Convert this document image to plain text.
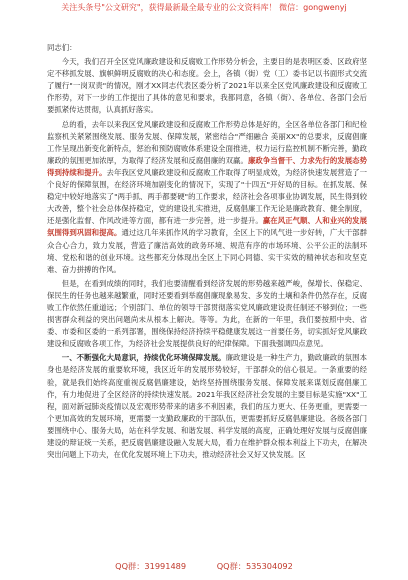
关注头条号"公文研究"，获得最新最全最专业的公文资料库！ 微信：gongwenyj

同志们：

今天，我们召开全区党风廉政建设和反腐败工作形势分析会，主要目的是表明区委、区政府坚定不移抓发展、旗帜鲜明反腐败的决心和态度。会上，各镇（街）党（工）委书记以书面形式交流了履行"一岗双责"的情况，刚才XX同志代表区委分析了2021年以来全区党风廉政建设和反腐败工作形势，对下一步的工作提出了具体的意见和要求，我都同意，各镇（街）、各单位、各部门会后要抓紧传达贯彻，认真抓好落实。

总的看，去年以来我区党风廉政建设和反腐败工作形势总体是好的，全区各单位各部门和纪检监察机关紧紧围绕发展、服务发展、保障发展，紧密结合"严细融合 美丽XX"的总要求，反腐倡廉工作呈现出新变化新特点，惩治和预防腐败体系建设全面推进，权力运行监控机制不断完善，勤政廉政的氛围更加浓厚，为取得了经济发展和反腐倡廉的双赢。廉政争当督干、力求先行的发展态势得到持续和提升。去年我区党风廉政建设和反腐败工作取得了明显成效，为经济快速发展营造了一个良好的保障氛围，在经济环境加剧变化的情况下，实现了"十四五"开好局的目标。在抓发展、保稳定中较好地落实了"两手抓、两手都要硬"的工作要求，经济社会各项事业协调发展，民生得到较大改善，整个社会总体保持稳定，党的建设扎实推进，反腐倡廉工作无论是廉政教育、健全制度，还是强化监督、作风改进等方面，都有进一步完善，进一步提升。赢在风正气顺、人和业兴的发展氛围得到巩固和提高。通过这几年来抓作风的学习教育，全区上下的风气进一步好转，广大干部群众合心合力，致力发展，营造了廉洁高效的政务环境、规范有序的市场环境、公平公正的法制环境、党松和谐的创业环境。这些都充分体现出全区上下同心同德、实干实效的精神状态和攻坚克难、奋力拼搏的作风。

但是，在看到成绩的同时，我们也要清醒看到经济发展的形势越来越严峻，保增长、保稳定、保民生的任务也越来越繁重，同时还要看到举腐倡廉现象易发、多发的土壤和条件仍然存在，反腐败工作依然任重道远；个别部门、单位的领导干部贯彻落实党风廉政建设责任制还不够到位；一些损害群众利益的突出问题尚未从根本上解决。等等。为此，在新的一年里，我们要按照中央、省委、市委和区委的一系列部署，围绕保持经济持续平稳健康发展这一首要任务，切实抓好党风廉政建设和反腐败各项工作，为经济社会发展提供良好的纪律保障。下面我强调四点意见。

一、不断强化大局意识，持续优化环境保障发展。廉政建设是一种生产力，勤政廉政的氛围本身也是经济发展的重要软环境，我区近年的发展形势较好，干部群众的信心很足。一条重要的经验，就是我们始终高度重视反腐倡廉建设，始终坚持围绕服务发展、保障发展来谋划反腐倡廉工作，有力地促进了全区经济的持续快速发展。2021年我区经济社会发展的主要目标是实施"XX"工程，面对新冠肺炎疫情以及宏观形势带来的诸多不利因素，我们的压力更大、任务更重，更需要一个更加高效的发展环境，更需要一支勤政廉政的干部队伍，更需要抓好反腐倡廉建设。各级各部门要围绕中心、服务大局，站在科学发展、和谐发展、科学发展的高度，正确处理好发展与反腐倡廉建设的辩证统一关系，把反腐倡廉建设融入发展大局，看力在维护群众根本利益上下功夫，在解决突出问题上下功夫，在优化发展环境上下功夫，推动经济社会又好又快发展。区

QQ群：31991489	QQ群：535304092
